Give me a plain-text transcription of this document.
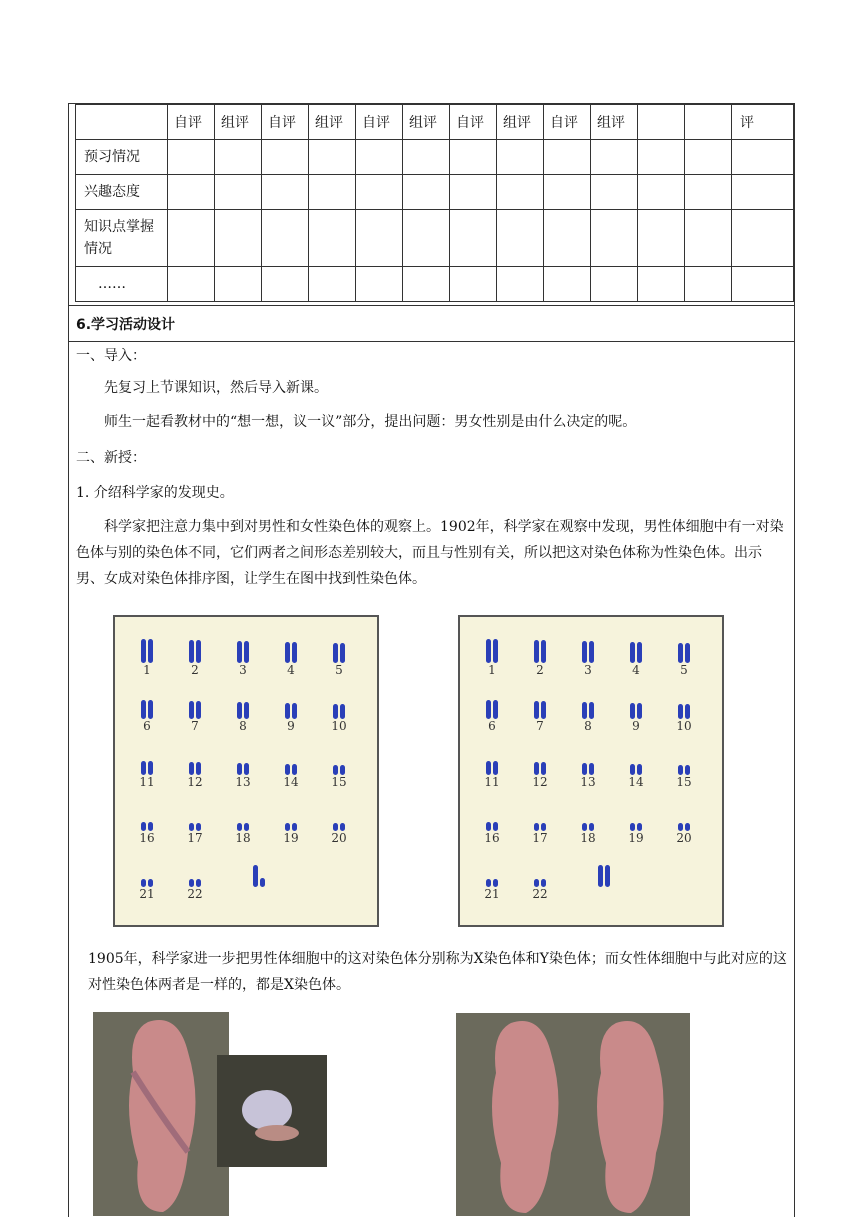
	自评	组评	自评	组评	自评	组评	自评	组评	自评	组评			评
预习情况													
兴趣态度													
知识点掌握情况													
……													
6.学习活动设计
一、导入：
先复习上节课知识，然后导入新课。
师生一起看教材中的“想一想，议一议”部分，提出问题：男女性别是由什么决定的呢。
二、新授：
1. 介绍科学家的发现史。
科学家把注意力集中到对男性和女性染色体的观察上。1902年，科学家在观察中发现，男性体细胞中有一对染色体与别的染色体不同，它们两者之间形态差别较大，而且与性别有关，所以把这对染色体称为性染色体。出示男、女成对染色体排序图，让学生在图中找到性染色体。
1	2	3	4	5
6	7	8	9	10
11	12	13	14	15
16	17	18	19	20
21	22
1	2	3	4	5
6	7	8	9	10
11	12	13	14	15
16	17	18	19	20
21	22
1905年，科学家进一步把男性体细胞中的这对染色体分别称为X染色体和Y染色体；而女性体细胞中与此对应的这对性染色体两者是一样的，都是X染色体。
